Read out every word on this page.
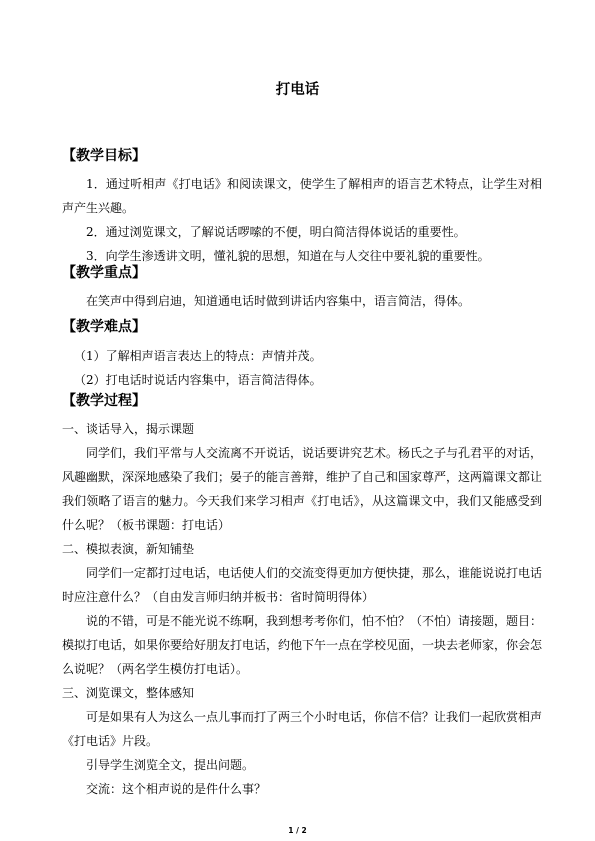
打电话
【教学目标】
1．通过听相声《打电话》和阅读课文，使学生了解相声的语言艺术特点，让学生对相声产生兴趣。
2．通过浏览课文，了解说话啰嗦的不便，明白简洁得体说话的重要性。
3．向学生渗透讲文明，懂礼貌的思想，知道在与人交往中要礼貌的重要性。
【教学重点】
在笑声中得到启迪，知道通电话时做到讲话内容集中，语言简洁，得体。
【教学难点】
（1）了解相声语言表达上的特点：声情并茂。
（2）打电话时说话内容集中，语言简洁得体。
【教学过程】
一、谈话导入，揭示课题
同学们，我们平常与人交流离不开说话，说话要讲究艺术。杨氏之子与孔君平的对话，风趣幽默，深深地感染了我们；晏子的能言善辩，维护了自己和国家尊严，这两篇课文都让我们领略了语言的魅力。今天我们来学习相声《打电话》，从这篇课文中，我们又能感受到什么呢？（板书课题：打电话）
二、模拟表演，新知铺垫
同学们一定都打过电话，电话使人们的交流变得更加方便快捷，那么，谁能说说打电话时应注意什么？（自由发言师归纳并板书：省时简明得体）
说的不错，可是不能光说不练啊，我到想考考你们，怕不怕？（不怕）请接题，题目：模拟打电话，如果你要给好朋友打电话，约他下午一点在学校见面，一块去老师家，你会怎么说呢？（两名学生模仿打电话）。
三、浏览课文，整体感知
可是如果有人为这么一点儿事而打了两三个小时电话，你信不信？让我们一起欣赏相声《打电话》片段。
引导学生浏览全文，提出问题。
交流：这个相声说的是件什么事？
1 / 2
